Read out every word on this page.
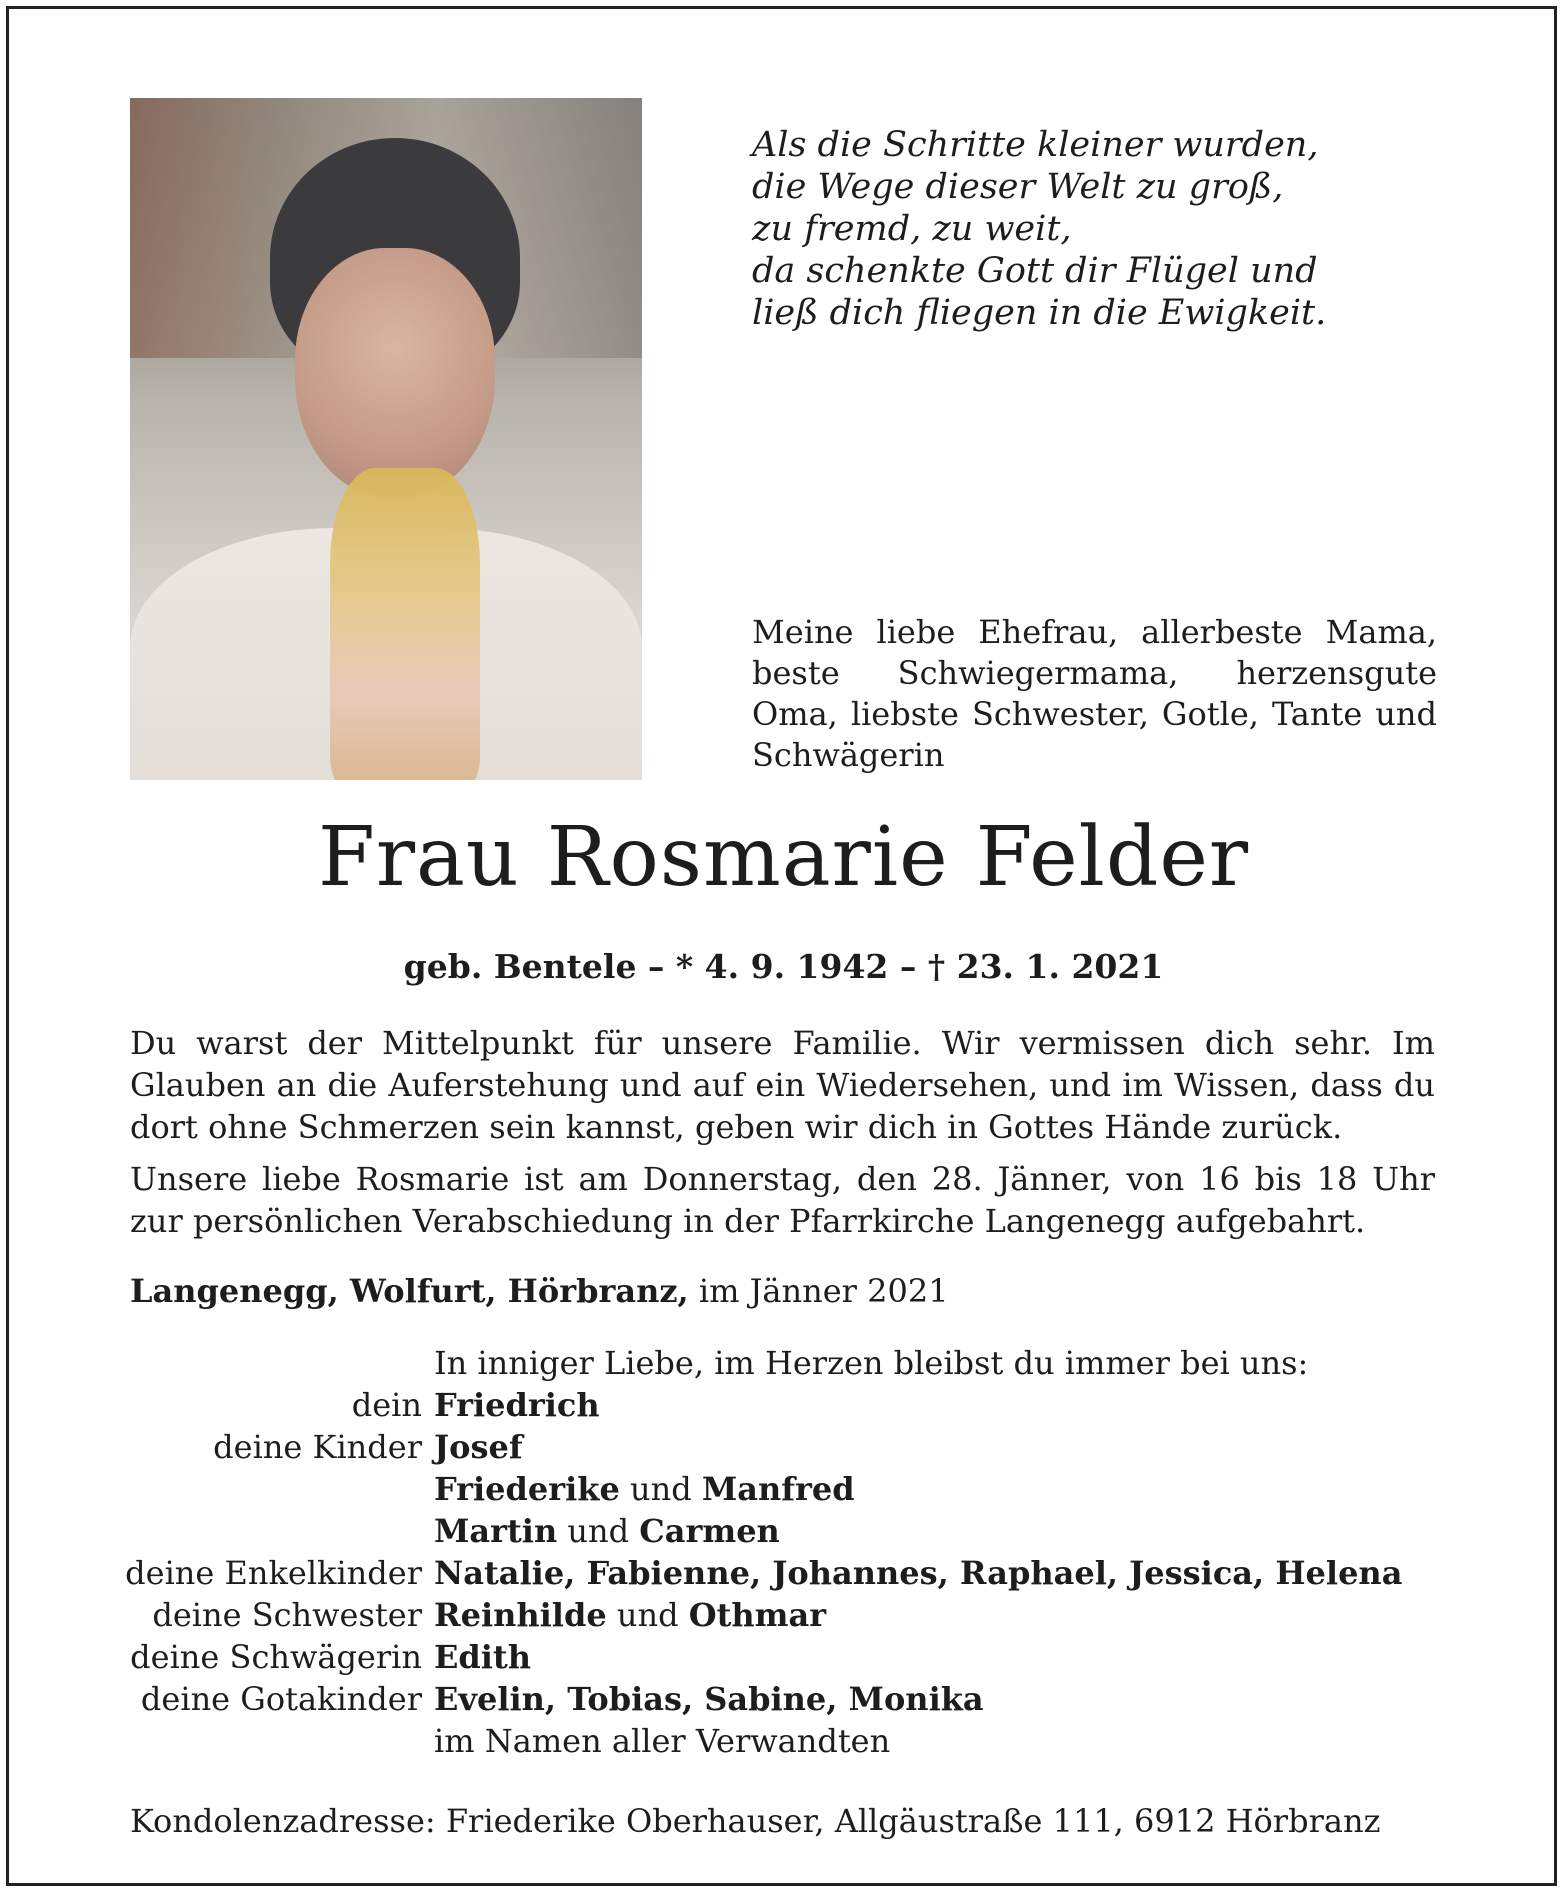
Als die Schritte kleiner wurden,
die Wege dieser Welt zu groß,
zu fremd, zu weit,
da schenkte Gott dir Flügel und
ließ dich fliegen in die Ewigkeit.
Meine liebe Ehefrau, allerbeste Mama, beste Schwiegermama, herzensgute Oma, liebste Schwester, Gotle, Tante und Schwägerin
Frau Rosmarie Felder
geb. Bentele – * 4. 9. 1942 – † 23. 1. 2021
Du warst der Mittelpunkt für unsere Familie. Wir vermissen dich sehr. Im Glauben an die Auferstehung und auf ein Wiedersehen, und im Wissen, dass du dort ohne Schmerzen sein kannst, geben wir dich in Gottes Hände zurück.
Unsere liebe Rosmarie ist am Donnerstag, den 28. Jänner, von 16 bis 18 Uhr zur persönlichen Verabschiedung in der Pfarrkirche Langenegg aufgebahrt.
Langenegg, Wolfurt, Hörbranz, im Jänner 2021
In inniger Liebe, im Herzen bleibst du immer bei uns:
dein Friedrich
deine Kinder Josef
Friederike und Manfred
Martin und Carmen
deine Enkelkinder Natalie, Fabienne, Johannes, Raphael, Jessica, Helena
deine Schwester Reinhilde und Othmar
deine Schwägerin Edith
deine Gotakinder Evelin, Tobias, Sabine, Monika
im Namen aller Verwandten
Kondolenzadresse: Friederike Oberhauser, Allgäustraße 111, 6912 Hörbranz
